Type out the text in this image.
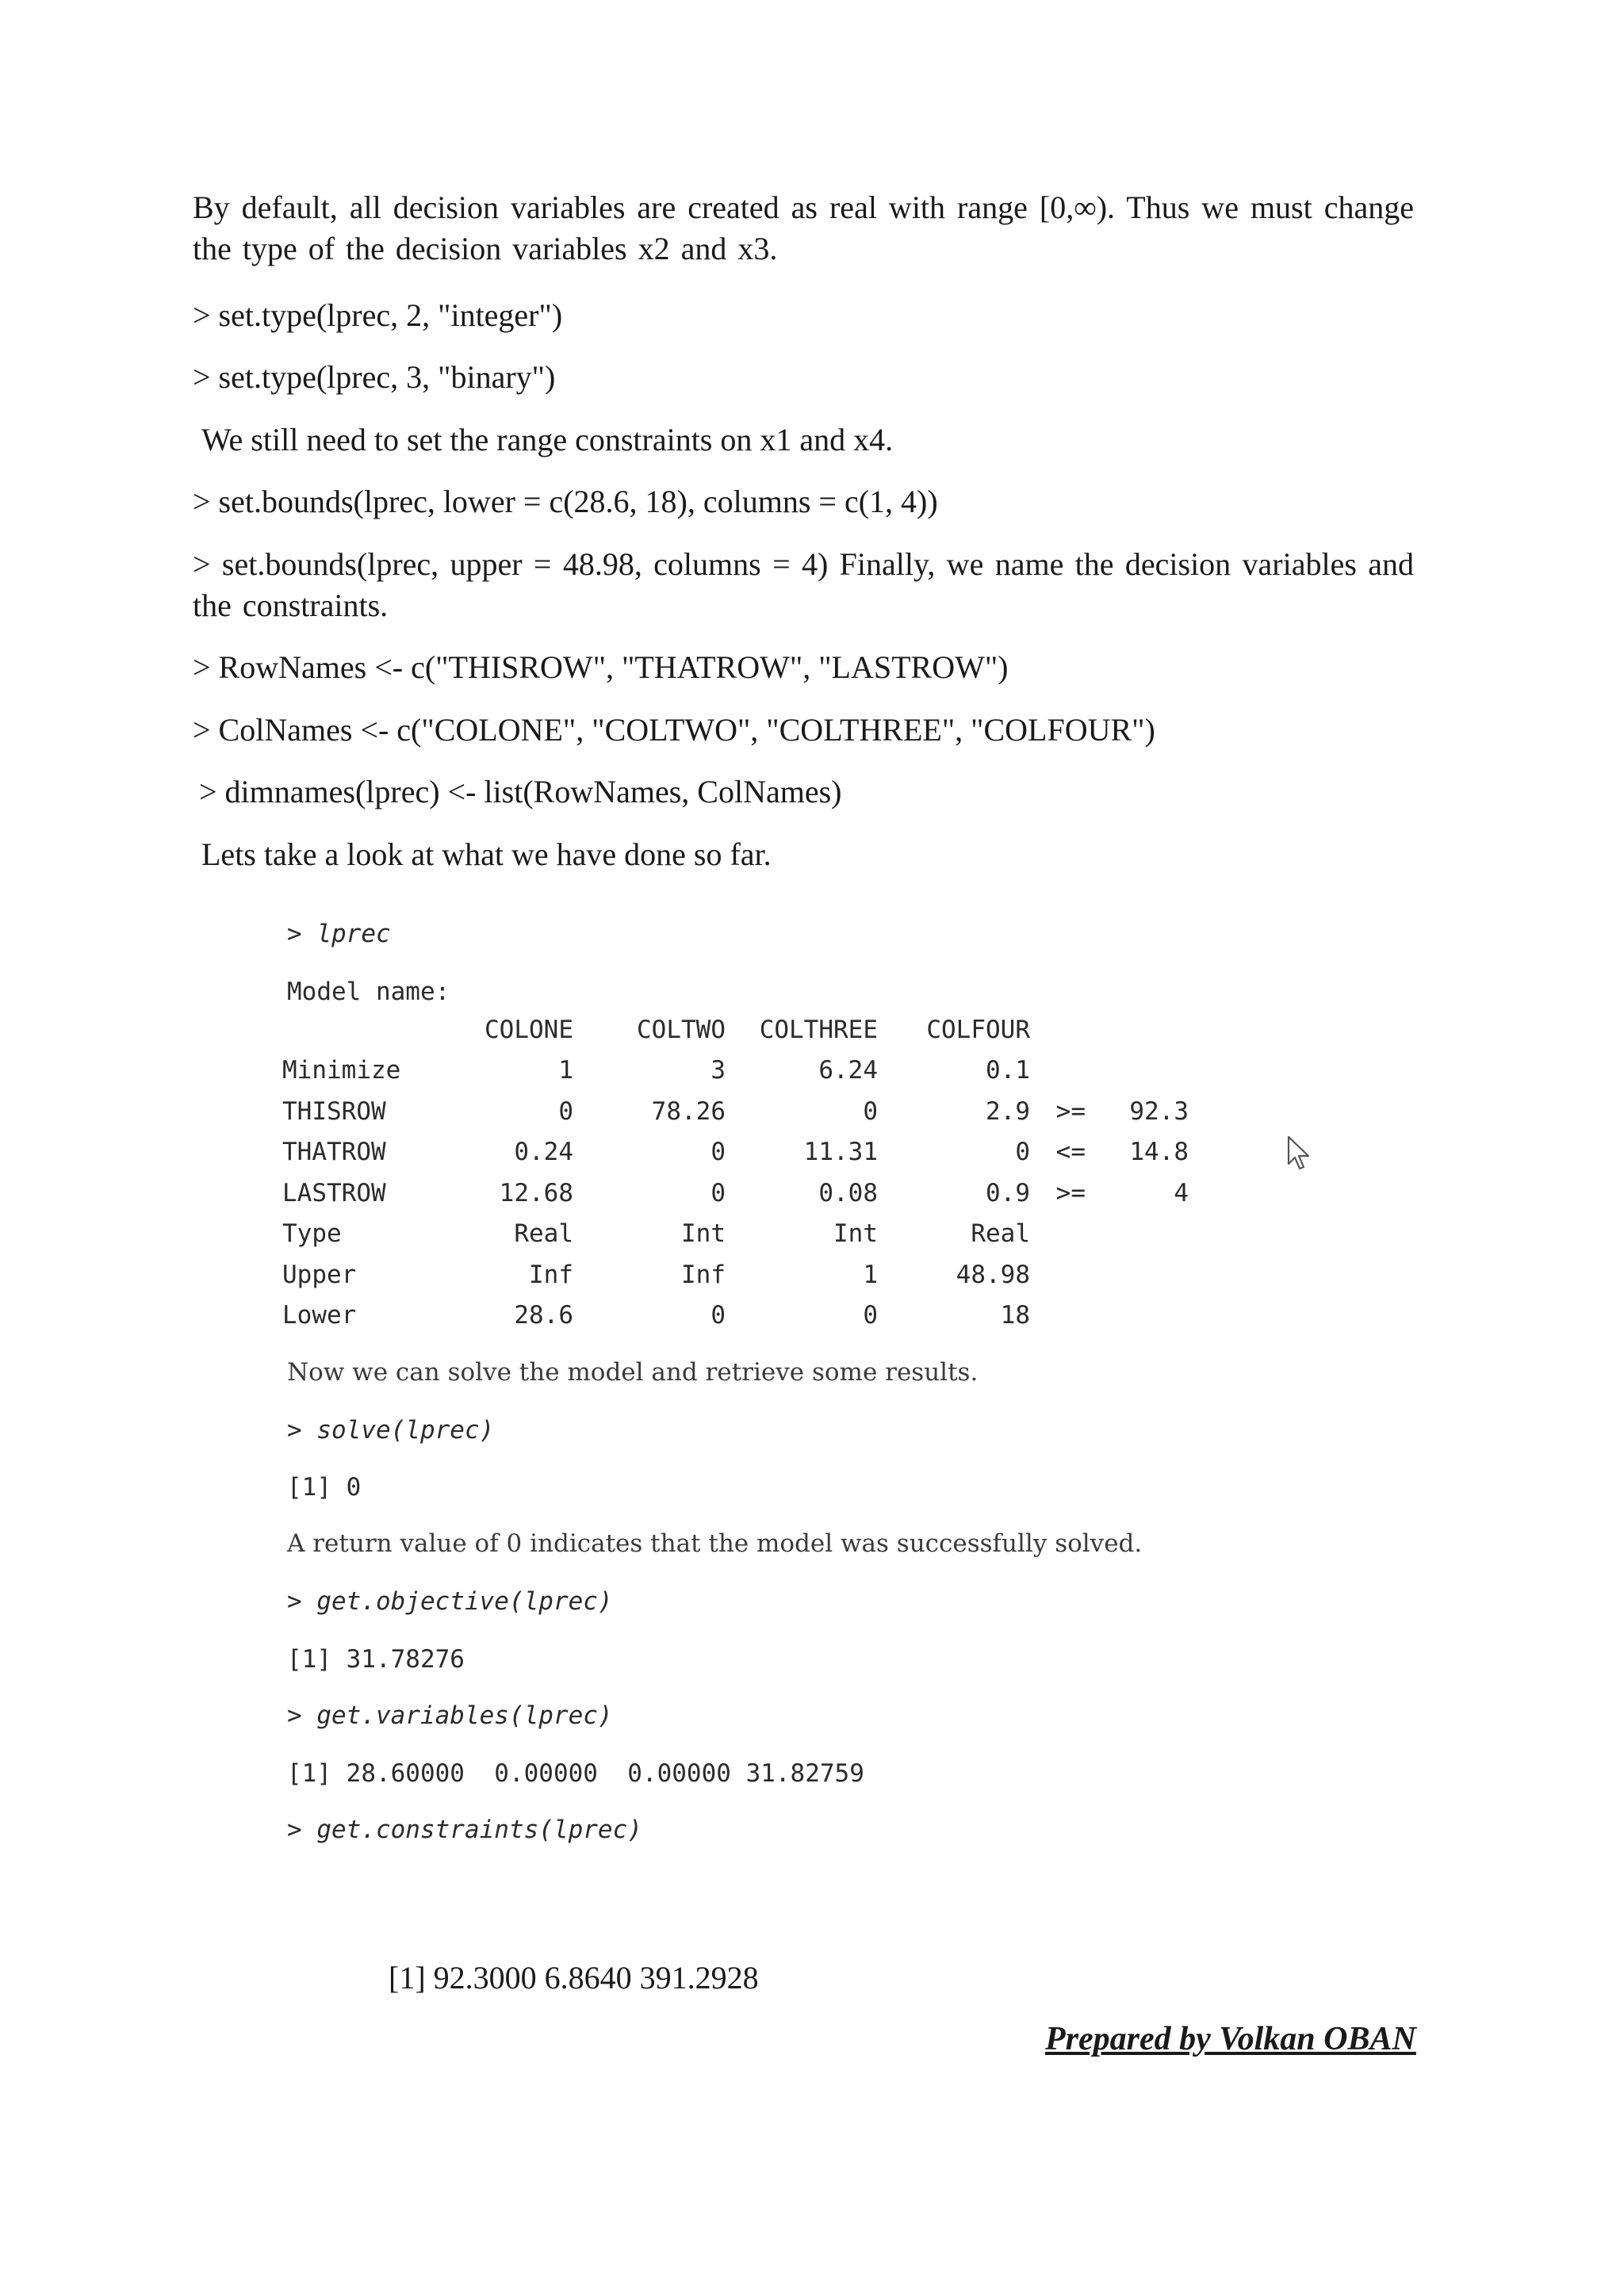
By default, all decision variables are created as real with range [0,∞). Thus we must change the type of the decision variables x2 and x3.

> set.type(lprec, 2, "integer")
> set.type(lprec, 3, "binary")
We still need to set the range constraints on x1 and x4.
> set.bounds(lprec, lower = c(28.6, 18), columns = c(1, 4))

> set.bounds(lprec, upper = 48.98, columns = 4) Finally, we name the decision variables and the constraints.

> RowNames <- c("THISROW", "THATROW", "LASTROW")
> ColNames <- c("COLONE", "COLTWO", "COLTHREE", "COLFOUR")
> dimnames(lprec) <- list(RowNames, ColNames)
Lets take a look at what we have done so far.
> lprec
Model name:
	COLONE	COLTWO	COLTHREE	COLFOUR		
Minimize	1	3	6.24	0.1		
THISROW	0	78.26	0	2.9	>=	92.3
THATROW	0.24	0	11.31	0	<=	14.8
LASTROW	12.68	0	0.08	0.9	>=	4
Type	Real	Int	Int	Real		
Upper	Inf	Inf	1	48.98		
Lower	28.6	0	0	18		
Now we can solve the model and retrieve some results.
> solve(lprec)
[1] 0
A return value of 0 indicates that the model was successfully solved.
> get.objective(lprec)
[1] 31.78276
> get.variables(lprec)
[1] 28.60000  0.00000  0.00000 31.82759
> get.constraints(lprec)
[1] 92.3000 6.8640 391.2928
Prepared by Volkan OBAN
